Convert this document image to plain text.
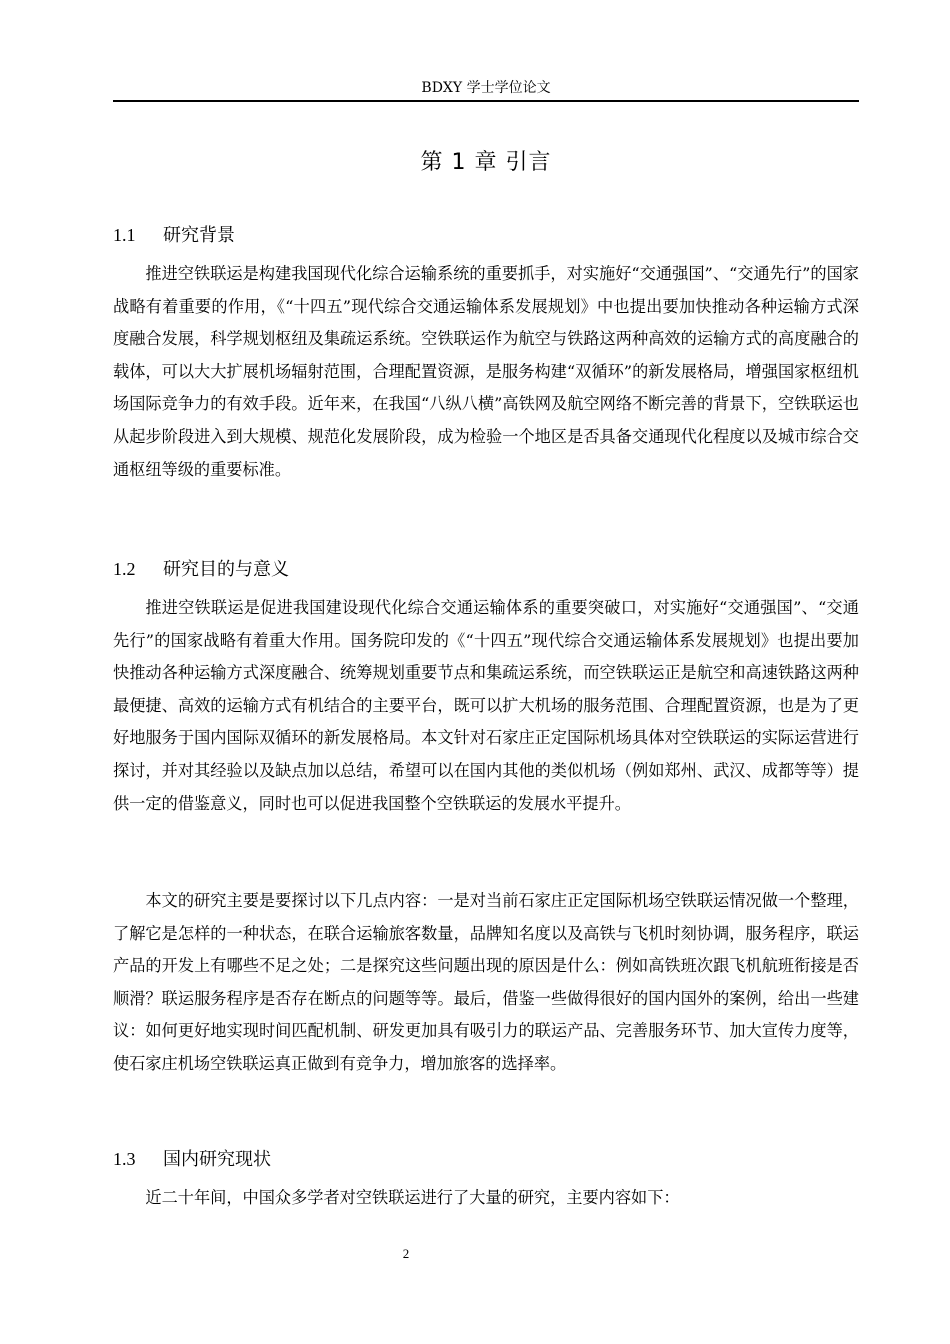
BDXY 学士学位论文
第 1 章 引言
1.1 研究背景

推进空铁联运是构建我国现代化综合运输系统的重要抓手，对实施好“交通强国”、“交通先行”的国家战略有着重要的作用，《“十四五”现代综合交通运输体系发展规划》中也提出要加快推动各种运输方式深度融合发展，科学规划枢纽及集疏运系统。空铁联运作为航空与铁路这两种高效的运输方式的高度融合的载体，可以大大扩展机场辐射范围，合理配置资源，是服务构建“双循环”的新发展格局，增强国家枢纽机场国际竞争力的有效手段。近年来，在我国“八纵八横”高铁网及航空网络不断完善的背景下，空铁联运也从起步阶段进入到大规模、规范化发展阶段，成为检验一个地区是否具备交通现代化程度以及城市综合交通枢纽等级的重要标准。

1.2 研究目的与意义

推进空铁联运是促进我国建设现代化综合交通运输体系的重要突破口，对实施好“交通强国”、“交通先行”的国家战略有着重大作用。国务院印发的《“十四五”现代综合交通运输体系发展规划》也提出要加快推动各种运输方式深度融合、统筹规划重要节点和集疏运系统，而空铁联运正是航空和高速铁路这两种最便捷、高效的运输方式有机结合的主要平台，既可以扩大机场的服务范围、合理配置资源，也是为了更好地服务于国内国际双循环的新发展格局。本文针对石家庄正定国际机场具体对空铁联运的实际运营进行探讨，并对其经验以及缺点加以总结，希望可以在国内其他的类似机场（例如郑州、武汉、成都等等）提供一定的借鉴意义，同时也可以促进我国整个空铁联运的发展水平提升。

本文的研究主要是要探讨以下几点内容：一是对当前石家庄正定国际机场空铁联运情况做一个整理，了解它是怎样的一种状态，在联合运输旅客数量，品牌知名度以及高铁与飞机时刻协调，服务程序，联运产品的开发上有哪些不足之处；二是探究这些问题出现的原因是什么：例如高铁班次跟飞机航班衔接是否顺滑？联运服务程序是否存在断点的问题等等。最后，借鉴一些做得很好的国内国外的案例，给出一些建议：如何更好地实现时间匹配机制、研发更加具有吸引力的联运产品、完善服务环节、加大宣传力度等，使石家庄机场空铁联运真正做到有竞争力，增加旅客的选择率。

1.3 国内研究现状

近二十年间，中国众多学者对空铁联运进行了大量的研究，主要内容如下：

2
